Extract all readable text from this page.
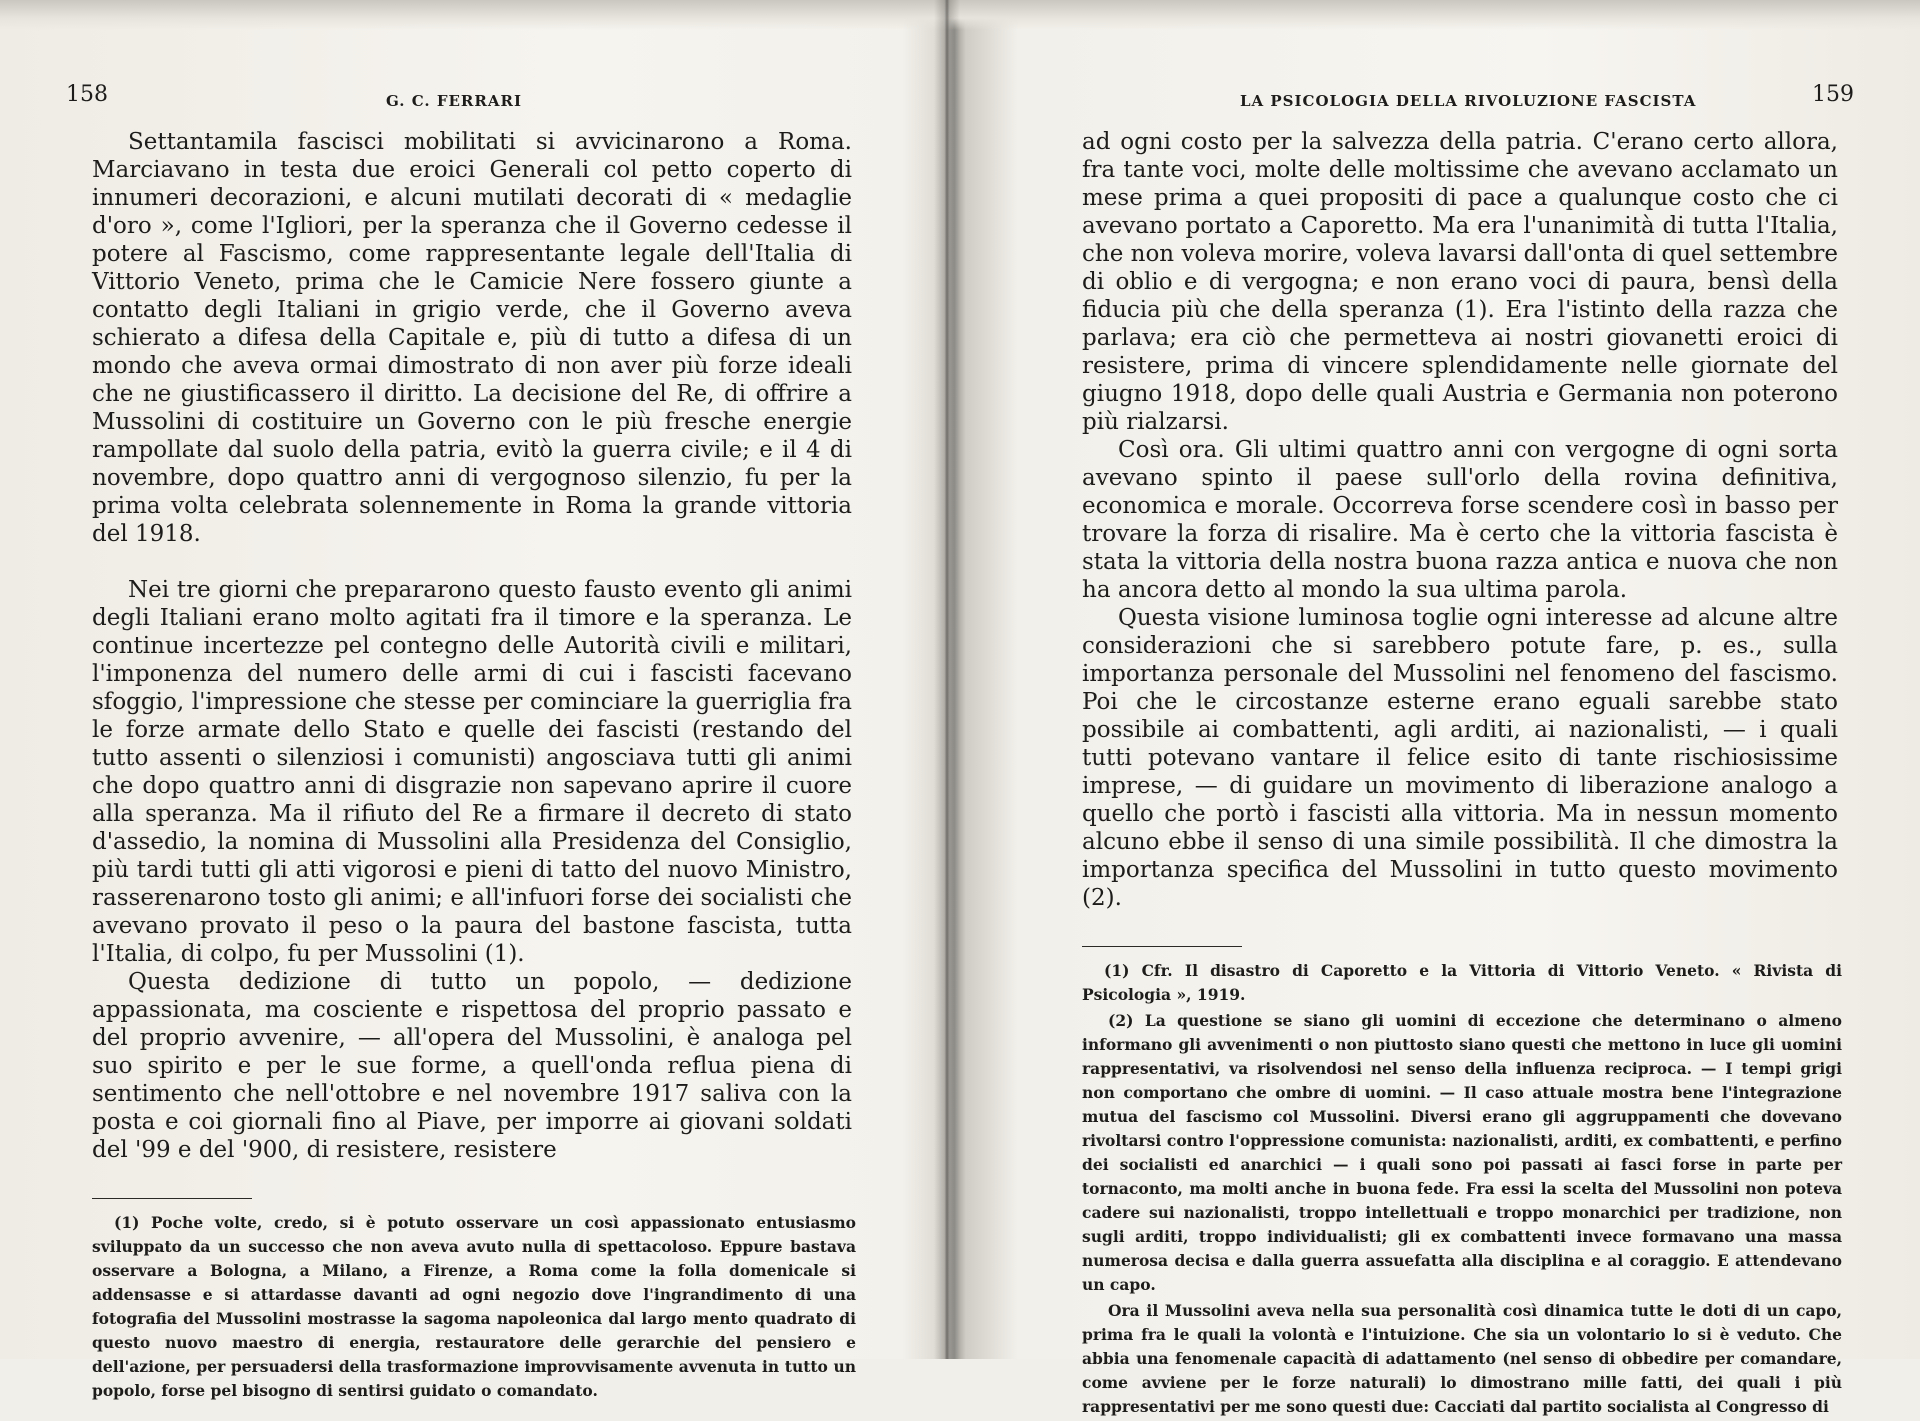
158	G. C. FERRARI

Settantamila fascisci mobilitati si avvicinarono a Roma. Marciavano in testa due eroici Generali col petto coperto di innumeri decorazioni, e alcuni mutilati decorati di « medaglie d'oro », come l'Igliori, per la speranza che il Governo cedesse il potere al Fascismo, come rappresentante legale dell'Italia di Vittorio Veneto, prima che le Camicie Nere fossero giunte a contatto degli Italiani in grigio verde, che il Governo aveva schierato a difesa della Capitale e, più di tutto a difesa di un mondo che aveva ormai dimostrato di non aver più forze ideali che ne giustificassero il diritto. La decisione del Re, di offrire a Mussolini di costituire un Governo con le più fresche energie rampollate dal suolo della patria, evitò la guerra civile; e il 4 di novembre, dopo quattro anni di vergognoso silenzio, fu per la prima volta celebrata solennemente in Roma la grande vittoria del 1918.

Nei tre giorni che prepararono questo fausto evento gli animi degli Italiani erano molto agitati fra il timore e la speranza. Le continue incertezze pel contegno delle Autorità civili e militari, l'imponenza del numero delle armi di cui i fascisti facevano sfoggio, l'impressione che stesse per cominciare la guerriglia fra le forze armate dello Stato e quelle dei fascisti (restando del tutto assenti o silenziosi i comunisti) angosciava tutti gli animi che dopo quattro anni di disgrazie non sapevano aprire il cuore alla speranza. Ma il rifiuto del Re a firmare il decreto di stato d'assedio, la nomina di Mussolini alla Presidenza del Consiglio, più tardi tutti gli atti vigorosi e pieni di tatto del nuovo Ministro, rasserenarono tosto gli animi; e all'infuori forse dei socialisti che avevano provato il peso o la paura del bastone fascista, tutta l'Italia, di colpo, fu per Mussolini (1).

Questa dedizione di tutto un popolo, — dedizione appassionata, ma cosciente e rispettosa del proprio passato e del proprio avvenire, — all'opera del Mussolini, è analoga pel suo spirito e per le sue forme, a quell'onda reflua piena di sentimento che nell'ottobre e nel novembre 1917 saliva con la posta e coi giornali fino al Piave, per imporre ai giovani soldati del '99 e del '900, di resistere, resistere

(1) Poche volte, credo, si è potuto osservare un così appassionato entusiasmo sviluppato da un successo che non aveva avuto nulla di spettacoloso. Eppure bastava osservare a Bologna, a Milano, a Firenze, a Roma come la folla domenicale si addensasse e si attardasse davanti ad ogni negozio dove l'ingrandimento di una fotografia del Mussolini mostrasse la sagoma napoleonica dal largo mento quadrato di questo nuovo maestro di energia, restauratore delle gerarchie del pensiero e dell'azione, per persuadersi della trasformazione improvvisamente avvenuta in tutto un popolo, forse pel bisogno di sentirsi guidato o comandato.

LA PSICOLOGIA DELLA RIVOLUZIONE FASCISTA	159

ad ogni costo per la salvezza della patria. C'erano certo allora, fra tante voci, molte delle moltissime che avevano acclamato un mese prima a quei propositi di pace a qualunque costo che ci avevano portato a Caporetto. Ma era l'unanimità di tutta l'Italia, che non voleva morire, voleva lavarsi dall'onta di quel settembre di oblio e di vergogna; e non erano voci di paura, bensì della fiducia più che della speranza (1). Era l'istinto della razza che parlava; era ciò che permetteva ai nostri giovanetti eroici di resistere, prima di vincere splendidamente nelle giornate del giugno 1918, dopo delle quali Austria e Germania non poterono più rialzarsi.

Così ora. Gli ultimi quattro anni con vergogne di ogni sorta avevano spinto il paese sull'orlo della rovina definitiva, economica e morale. Occorreva forse scendere così in basso per trovare la forza di risalire. Ma è certo che la vittoria fascista è stata la vittoria della nostra buona razza antica e nuova che non ha ancora detto al mondo la sua ultima parola.

Questa visione luminosa toglie ogni interesse ad alcune altre considerazioni che si sarebbero potute fare, p. es., sulla importanza personale del Mussolini nel fenomeno del fascismo. Poi che le circostanze esterne erano eguali sarebbe stato possibile ai combattenti, agli arditi, ai nazionalisti, — i quali tutti potevano vantare il felice esito di tante rischiosissime imprese, — di guidare un movimento di liberazione analogo a quello che portò i fascisti alla vittoria. Ma in nessun momento alcuno ebbe il senso di una simile possibilità. Il che dimostra la importanza specifica del Mussolini in tutto questo movimento (2).

(1) Cfr. Il disastro di Caporetto e la Vittoria di Vittorio Veneto. « Rivista di Psicologia », 1919.

(2) La questione se siano gli uomini di eccezione che determinano o almeno informano gli avvenimenti o non piuttosto siano questi che mettono in luce gli uomini rappresentativi, va risolvendosi nel senso della influenza reciproca. — I tempi grigi non comportano che ombre di uomini. — Il caso attuale mostra bene l'integrazione mutua del fascismo col Mussolini. Diversi erano gli aggruppamenti che dovevano rivoltarsi contro l'oppressione comunista: nazionalisti, arditi, ex combattenti, e perfino dei socialisti ed anarchici — i quali sono poi passati ai fasci forse in parte per tornaconto, ma molti anche in buona fede. Fra essi la scelta del Mussolini non poteva cadere sui nazionalisti, troppo intellettuali e troppo monarchici per tradizione, non sugli arditi, troppo individualisti; gli ex combattenti invece formavano una massa numerosa decisa e dalla guerra assuefatta alla disciplina e al coraggio. E attendevano un capo.

Ora il Mussolini aveva nella sua personalità così dinamica tutte le doti di un capo, prima fra le quali la volontà e l'intuizione. Che sia un volontario lo si è veduto. Che abbia una fenomenale capacità di adattamento (nel senso di obbedire per comandare, come avviene per le forze naturali) lo dimostrano mille fatti, dei quali i più rappresentativi per me sono questi due: Cacciati dal partito socialista al Congresso di
